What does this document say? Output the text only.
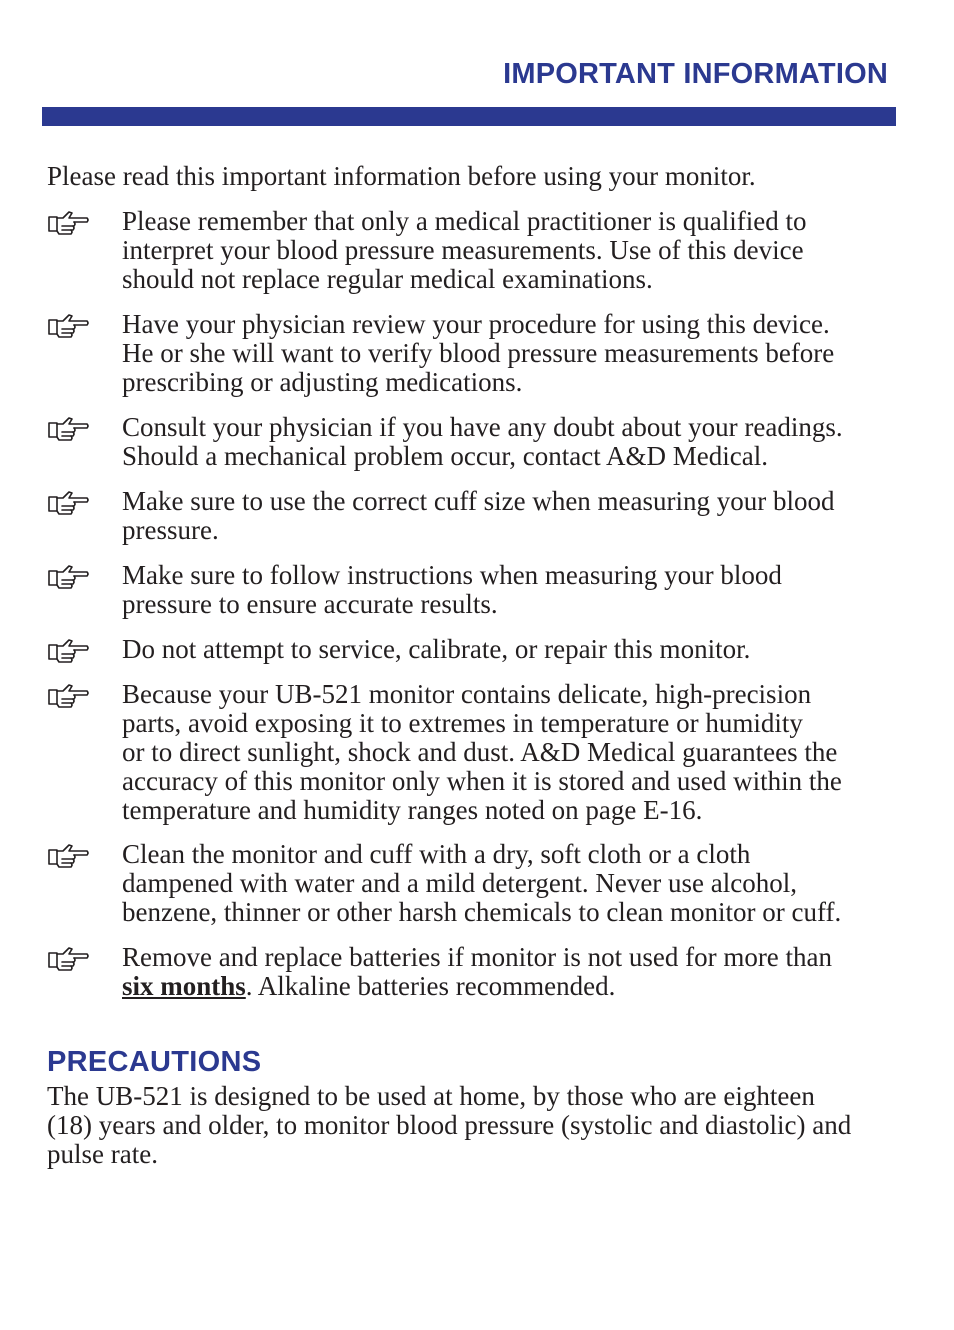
IMPORTANT INFORMATION
Please read this important information before using your monitor.
Please remember that only a medical practitioner is qualified to
interpret your blood pressure measurements. Use of this device
should not replace regular medical examinations.
Have your physician review your procedure for using this device.
He or she will want to verify blood pressure measurements before
prescribing or adjusting medications.
Consult your physician if you have any doubt about your readings.
Should a mechanical problem occur, contact A&D Medical.
Make sure to use the correct cuff size when measuring your blood
pressure.
Make sure to follow instructions when measuring your blood
pressure to ensure accurate results.
Do not attempt to service, calibrate, or repair this monitor.
Because your UB-521 monitor contains delicate, high-precision
parts, avoid exposing it to extremes in temperature or humidity
or to direct sunlight, shock and dust. A&D Medical guarantees the
accuracy of this monitor only when it is stored and used within the
temperature and humidity ranges noted on page E-16.
Clean the monitor and cuff with a dry, soft cloth or a cloth
dampened with water and a mild detergent. Never use alcohol,
benzene, thinner or other harsh chemicals to clean monitor or cuff.
Remove and replace batteries if monitor is not used for more than
six months. Alkaline batteries recommended.
PRECAUTIONS
The UB-521 is designed to be used at home, by those who are eighteen
(18) years and older, to monitor blood pressure (systolic and diastolic) and
pulse rate.
